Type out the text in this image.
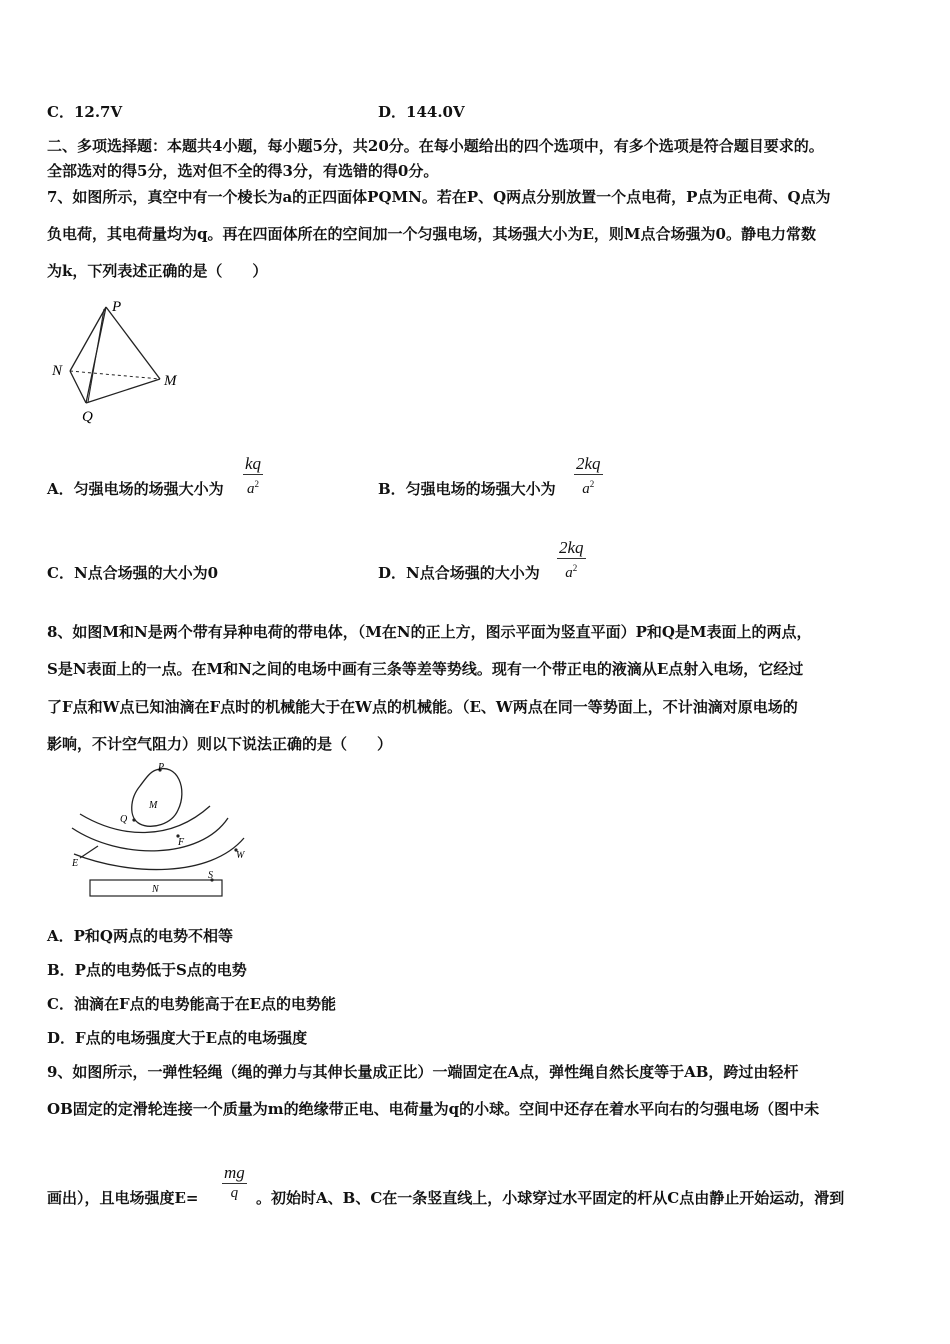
C．12.7V	D．144.0V
二、多项选择题：本题共4小题，每小题5分，共20分。在每小题给出的四个选项中，有多个选项是符合题目要求的。
全部选对的得5分，选对但不全的得3分，有选错的得0分。
7、如图所示，真空中有一个棱长为a的正四面体PQMN。若在P、Q两点分别放置一个点电荷，P点为正电荷、Q点为
负电荷，其电荷量均为q。再在四面体所在的空间加一个匀强电场，其场强大小为E，则M点合场强为0。静电力常数
为k，下列表述正确的是（　　）
P
N
M
Q
A．匀强电场的场强大小为
kq
$a^2$	B．匀强电场的场强大小为
2kq
$a^2$
C．N点合场强的大小为0	D．N点合场强的大小为
2kq
$a^2$
8、如图M和N是两个带有异种电荷的带电体，（M在N的正上方，图示平面为竖直平面）P和Q是M表面上的两点，
S是N表面上的一点。在M和N之间的电场中画有三条等差等势线。现有一个带正电的液滴从E点射入电场，它经过
了F点和W点已知油滴在F点时的机械能大于在W点的机械能。（E、W两点在同一等势面上，不计油滴对原电场的
影响，不计空气阻力）则以下说法正确的是（　　）
P
M
Q
F
E
W
S
N
A．P和Q两点的电势不相等
B．P点的电势低于S点的电势
C．油滴在F点的电势能高于在E点的电势能
D．F点的电场强度大于E点的电场强度
9、如图所示，一弹性轻绳（绳的弹力与其伸长量成正比）一端固定在A点，弹性绳自然长度等于AB，跨过由轻杆
OB固定的定滑轮连接一个质量为m的绝缘带正电、电荷量为q的小球。空间中还存在着水平向右的匀强电场（图中未
画出），且电场强度E=
mg
q	。初始时A、B、C在一条竖直线上，小球穿过水平固定的杆从C点由静止开始运动，滑到
